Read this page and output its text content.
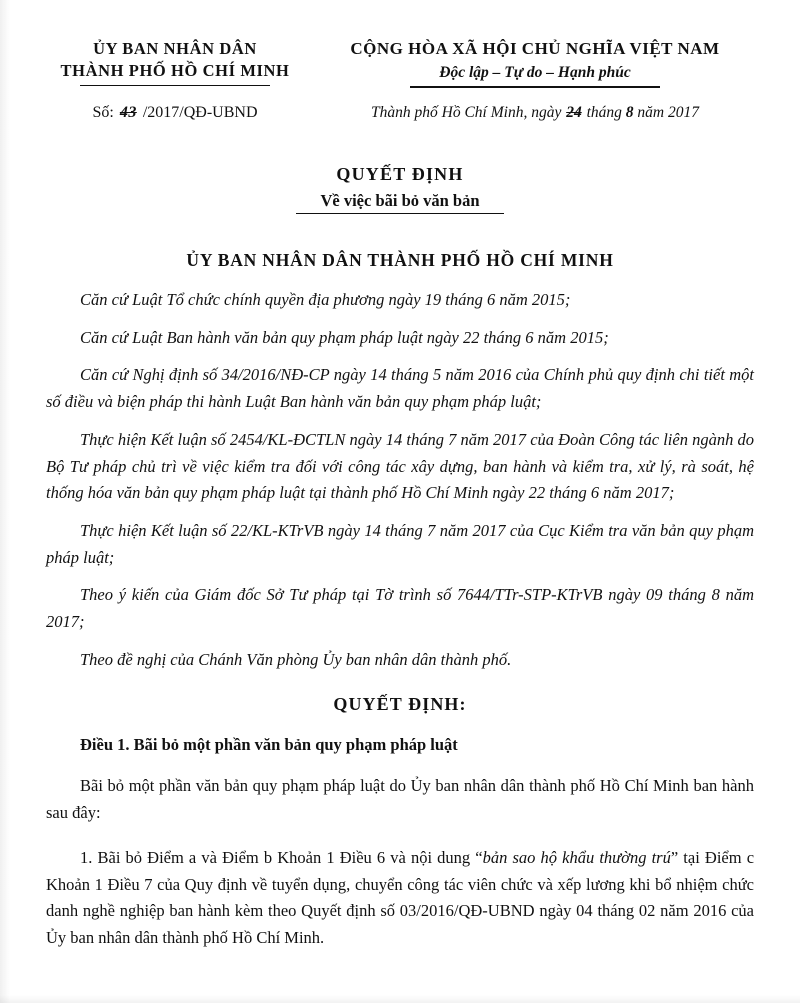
ỦY BAN NHÂN DÂN
THÀNH PHỐ HỒ CHÍ MINH
CỘNG HÒA XÃ HỘI CHỦ NGHĨA VIỆT NAM
Độc lập – Tự do – Hạnh phúc
Số: 43 /2017/QĐ-UBND	Thành phố Hồ Chí Minh, ngày 24 tháng 8 năm 2017
QUYẾT ĐỊNH
Về việc bãi bỏ văn bản
ỦY BAN NHÂN DÂN THÀNH PHỐ HỒ CHÍ MINH

Căn cứ Luật Tổ chức chính quyền địa phương ngày 19 tháng 6 năm 2015;

Căn cứ Luật Ban hành văn bản quy phạm pháp luật ngày 22 tháng 6 năm 2015;

Căn cứ Nghị định số 34/2016/NĐ-CP ngày 14 tháng 5 năm 2016 của Chính phủ quy định chi tiết một số điều và biện pháp thi hành Luật Ban hành văn bản quy phạm pháp luật;

Thực hiện Kết luận số 2454/KL-ĐCTLN ngày 14 tháng 7 năm 2017 của Đoàn Công tác liên ngành do Bộ Tư pháp chủ trì về việc kiểm tra đối với công tác xây dựng, ban hành và kiểm tra, xử lý, rà soát, hệ thống hóa văn bản quy phạm pháp luật tại thành phố Hồ Chí Minh ngày 22 tháng 6 năm 2017;

Thực hiện Kết luận số 22/KL-KTrVB ngày 14 tháng 7 năm 2017 của Cục Kiểm tra văn bản quy phạm pháp luật;

Theo ý kiến của Giám đốc Sở Tư pháp tại Tờ trình số 7644/TTr-STP-KTrVB ngày 09 tháng 8 năm 2017;

Theo đề nghị của Chánh Văn phòng Ủy ban nhân dân thành phố.

QUYẾT ĐỊNH:
Điều 1. Bãi bỏ một phần văn bản quy phạm pháp luật

Bãi bỏ một phần văn bản quy phạm pháp luật do Ủy ban nhân dân thành phố Hồ Chí Minh ban hành sau đây:

1. Bãi bỏ Điểm a và Điểm b Khoản 1 Điều 6 và nội dung “bản sao hộ khẩu thường trú” tại Điểm c Khoản 1 Điều 7 của Quy định về tuyển dụng, chuyển công tác viên chức và xếp lương khi bổ nhiệm chức danh nghề nghiệp ban hành kèm theo Quyết định số 03/2016/QĐ-UBND ngày 04 tháng 02 năm 2016 của Ủy ban nhân dân thành phố Hồ Chí Minh.
